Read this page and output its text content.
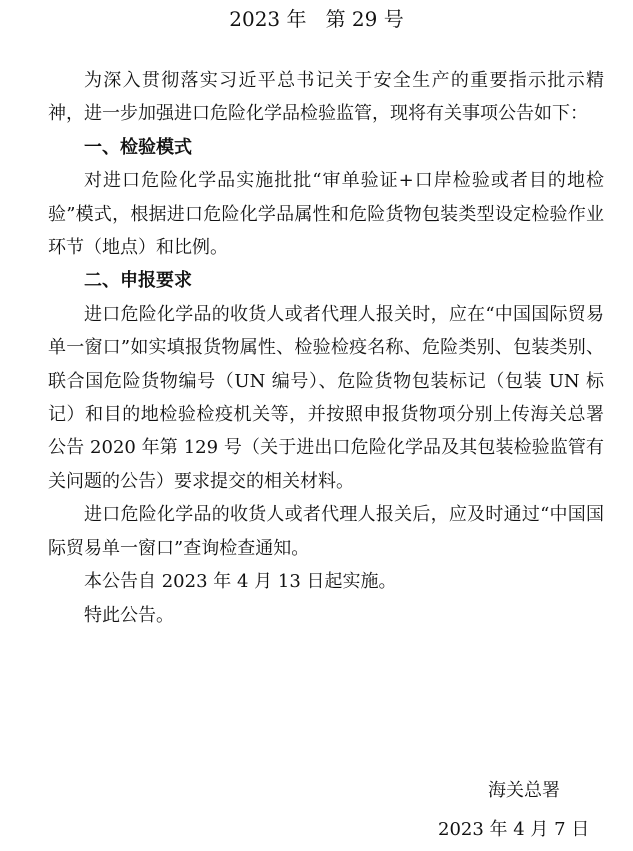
2023 年   第 29 号

为深入贯彻落实习近平总书记关于安全生产的重要指示批示精神，进一步加强进口危险化学品检验监管，现将有关事项公告如下：

一、检验模式

对进口危险化学品实施批批“审单验证+口岸检验或者目的地检验”模式，根据进口危险化学品属性和危险货物包装类型设定检验作业环节（地点）和比例。

二、申报要求

进口危险化学品的收货人或者代理人报关时，应在“中国国际贸易单一窗口”如实填报货物属性、检验检疫名称、危险类别、包装类别、联合国危险货物编号（UN 编号）、危险货物包装标记（包装 UN 标记）和目的地检验检疫机关等，并按照申报货物项分别上传海关总署公告 2020 年第 129 号（关于进出口危险化学品及其包装检验监管有关问题的公告）要求提交的相关材料。

进口危险化学品的收货人或者代理人报关后，应及时通过“中国国际贸易单一窗口”查询检查通知。

本公告自 2023 年 4 月 13 日起实施。

特此公告。

海关总署
2023 年 4 月 7 日
